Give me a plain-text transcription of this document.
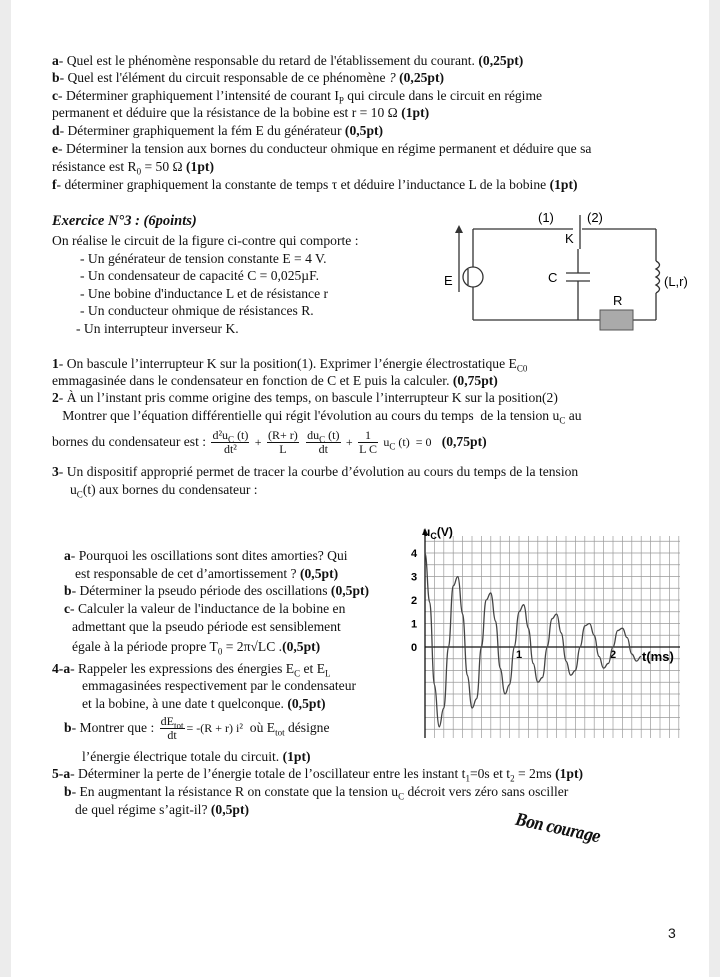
a- Quel est le phénomène responsable du retard de l'établissement du courant. (0,25pt)
b- Quel est l'élément du circuit responsable de ce phénomène ? (0,25pt)
c- Déterminer graphiquement l’intensité de courant $I_P$ qui circule dans le circuit en régime
permanent et déduire que la résistance de la bobine est r = 10 Ω (1pt)
d- Déterminer graphiquement la fém E du générateur (0,5pt)
e- Déterminer la tension aux bornes du conducteur ohmique en régime permanent et déduire que sa
résistance est $R_0 = 50$ Ω (1pt)
f- déterminer graphiquement la constante de temps τ et déduire l’inductance L de la bobine (1pt)
Exercice N°3 : (6points)
On réalise le circuit de la figure ci-contre qui comporte :
- Un générateur de tension constante E = 4 V.
- Un condensateur de capacité C = 0,025µF.
- Une bobine d'inductance L et de résistance r
- Un conducteur ohmique de résistances R.
- Un interrupteur inverseur K.
(1)	(2)
K
E	C
R
(L,r)
1- On bascule l’interrupteur K sur la position(1). Exprimer l’énergie électrostatique $E_{C0}$
emmagasinée dans le condensateur en fonction de C et E puis la calculer. (0,75pt)
2- À un l’instant pris comme origine des temps, on bascule l’interrupteur K sur la position(2)
Montrer que l’équation différentielle qui régit l'évolution au cours du temps  de la tension $u_C$ au
bornes du condensateur est : $\frac{d^2u_C (t)}{\text{dt²}} + \frac{(R+ r)}{L}$
$\frac{du_C (t)}{dt} + \frac{1}{\text{L C}} u_C$ (t)  = 0 (0,75pt)
3- Un dispositif approprié permet de tracer la courbe d’évolution au cours du temps de la tension
$u_C(t)$ aux bornes du condensateur :
a- Pourquoi les oscillations sont dites amorties? Qui
est responsable de cet d’amortissement ? (0,5pt)
b- Déterminer la pseudo période des oscillations (0,5pt)
c- Calculer la valeur de l'inductance de la bobine en
admettant que la pseudo période est sensiblement
égale à la période propre $T_0 = 2\pi√LC$ .(0,5pt)
4-a- Rappeler les expressions des énergies $E_C$ et $E_L$
emmagasinées respectivement par le condensateur
et la bobine, à une date t quelconque. (0,5pt)
b- Montrer que : $\frac{dE_{tot}}{dt} = -(R + r)$ i²  où $E_{tot}$ désigne
l’énergie électrique totale du circuit. (1pt)
5-a- Déterminer la perte de l’énergie totale de l’oscillateur entre les instant $t_1=0s$ et $t_2 = 2ms$ (1pt)
b- En augmentant la résistance R on constate que la tension $u_C$ décroit vers zéro sans osciller
de quel régime s’agit-il? (0,5pt)
4
3
2
1
0
1	2
$u_C(V)$
t(ms)
Bon courage
3
